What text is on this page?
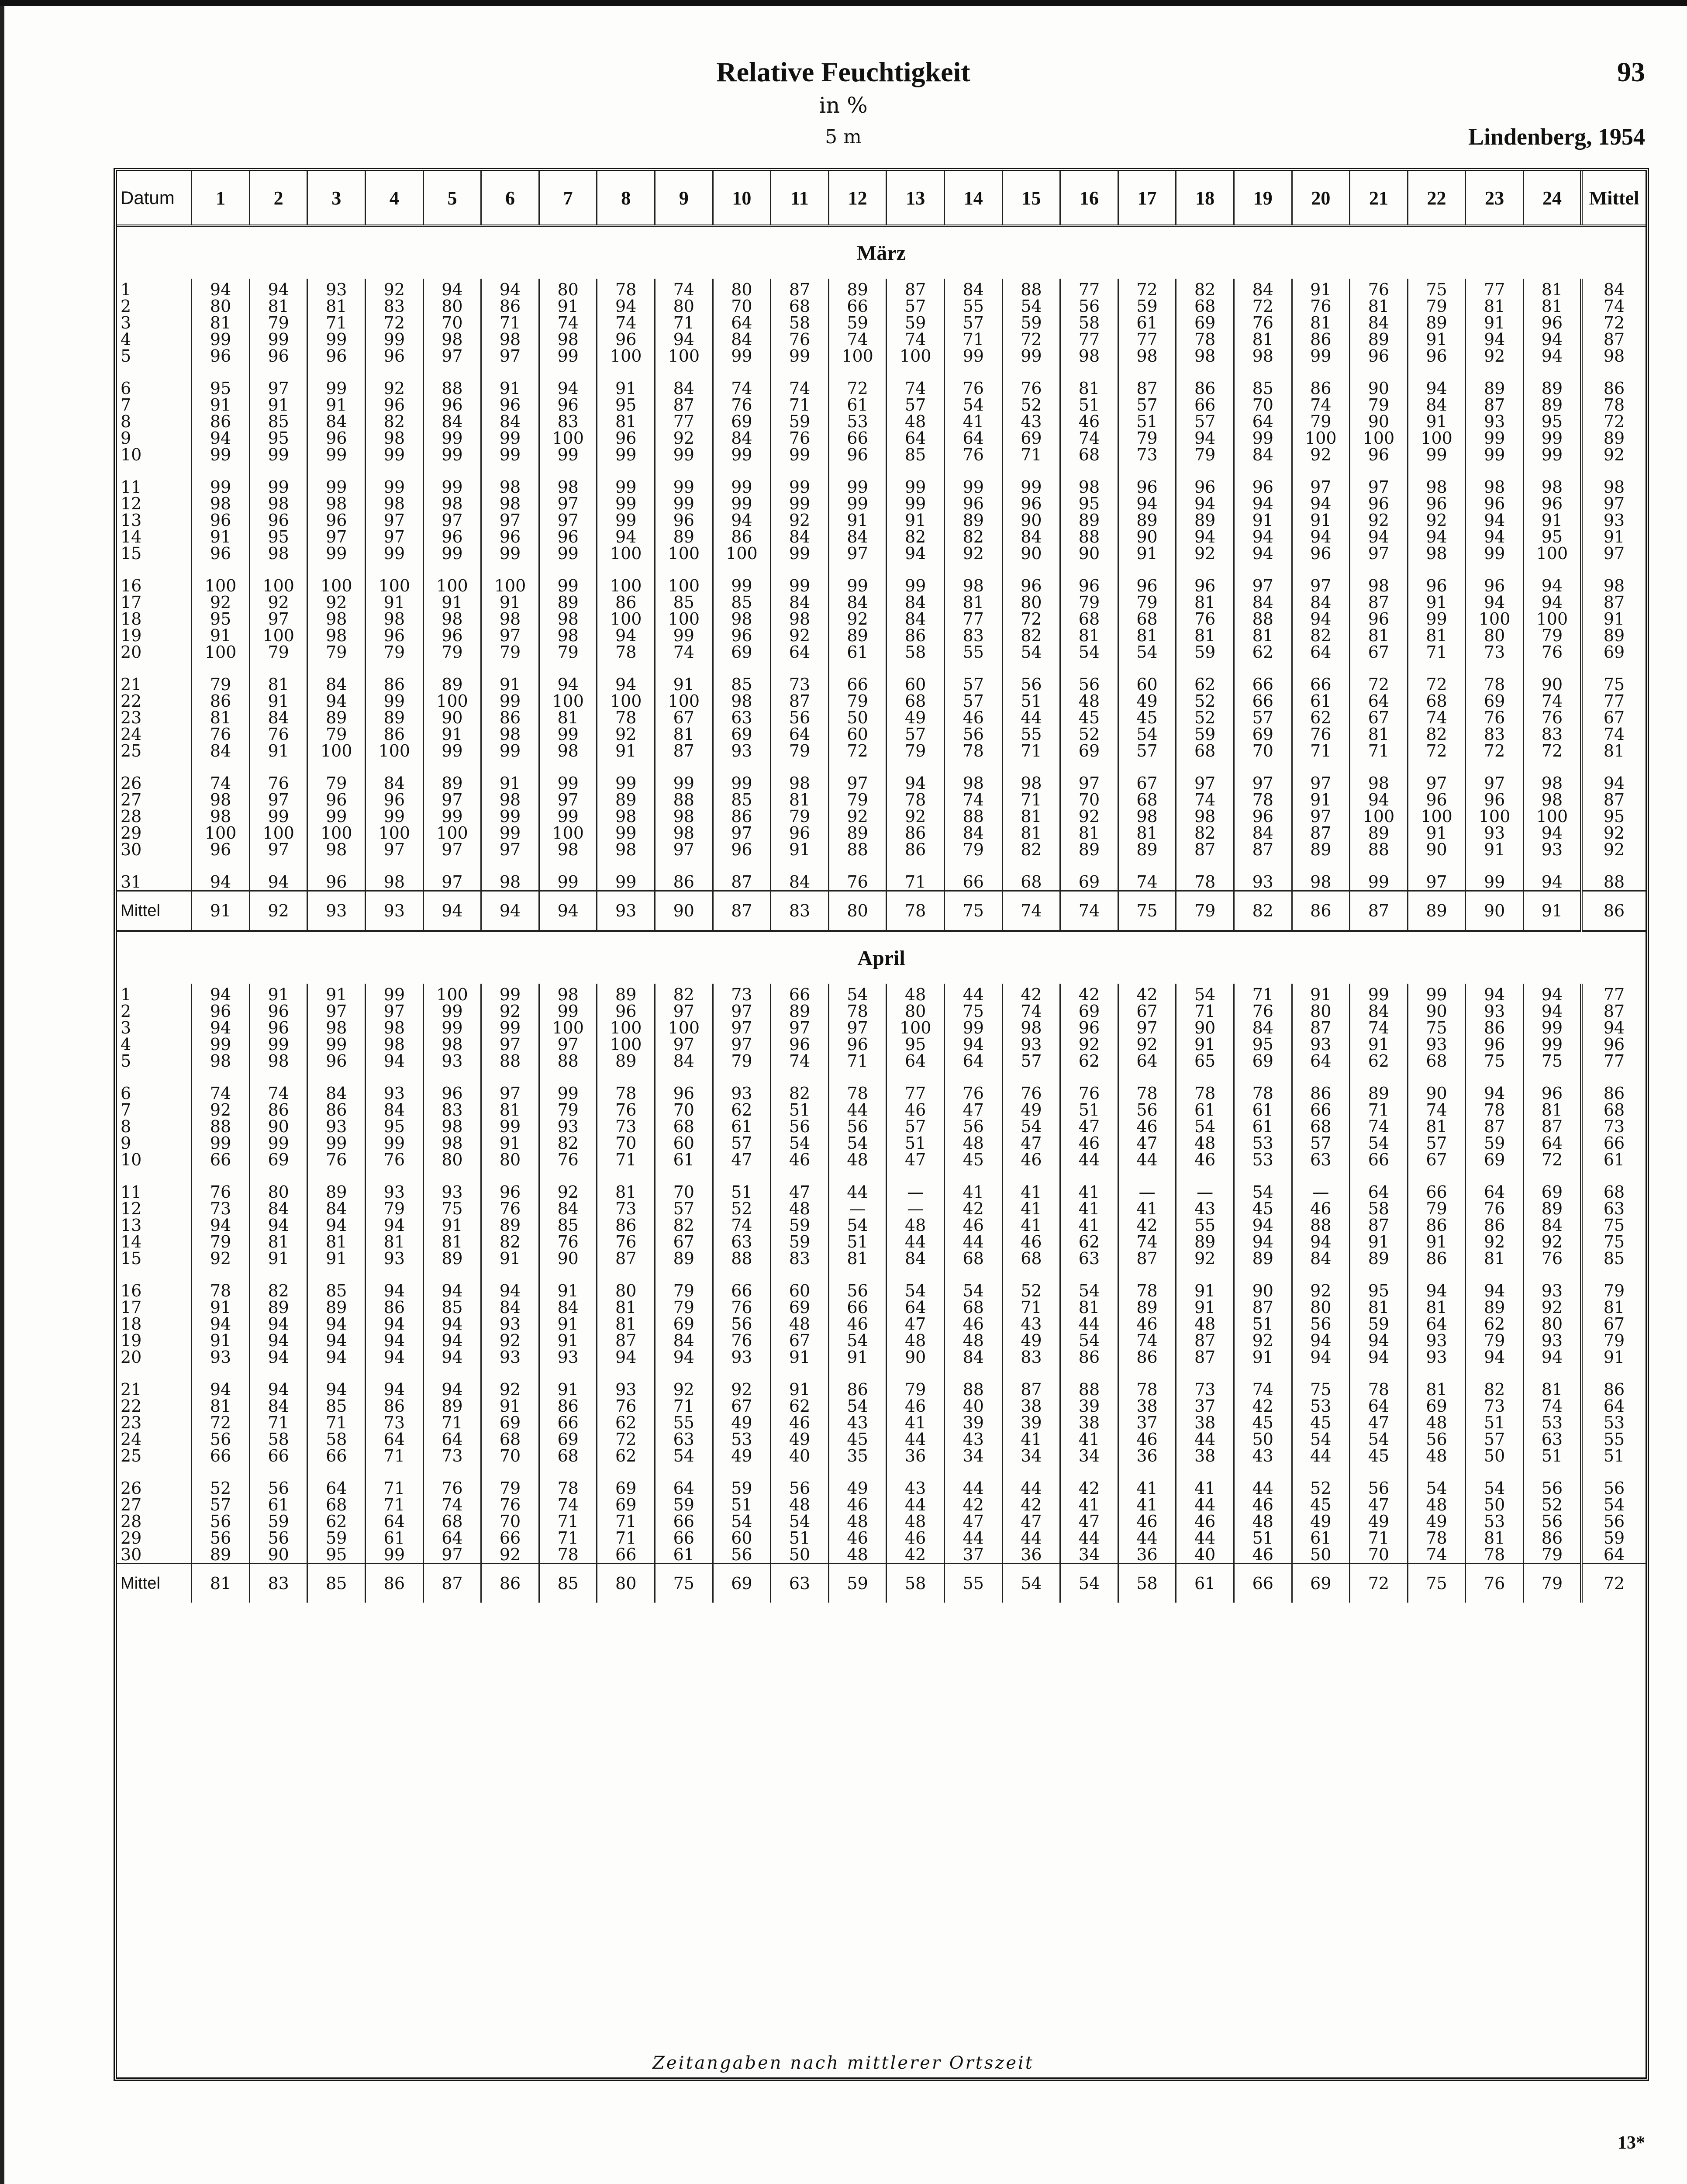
Relative Feuchtigkeit	93
in %
5 m	Lindenberg, 1954
Datum	1	2	3	4	5	6	7	8	9	10	11	12	13	14	15	16	17	18	19	20	21	22	23	24	Mittel
März																									
1	94	94	93	92	94	94	80	78	74	80	87	89	87	84	88	77	72	82	84	91	76	75	77	81	84
2	80	81	81	83	80	86	91	94	80	70	68	66	57	55	54	56	59	68	72	76	81	79	81	81	74
3	81	79	71	72	70	71	74	74	71	64	58	59	59	57	59	58	61	69	76	81	84	89	91	96	72
4	99	99	99	99	98	98	98	96	94	84	76	74	74	71	72	77	77	78	81	86	89	91	94	94	87
5	96	96	96	96	97	97	99	100	100	99	99	100	100	99	99	98	98	98	98	99	96	96	92	94	98

6	95	97	99	92	88	91	94	91	84	74	74	72	74	76	76	81	87	86	85	86	90	94	89	89	86
7	91	91	91	96	96	96	96	95	87	76	71	61	57	54	52	51	57	66	70	74	79	84	87	89	78
8	86	85	84	82	84	84	83	81	77	69	59	53	48	41	43	46	51	57	64	79	90	91	93	95	72
9	94	95	96	98	99	99	100	96	92	84	76	66	64	64	69	74	79	94	99	100	100	100	99	99	89
10	99	99	99	99	99	99	99	99	99	99	99	96	85	76	71	68	73	79	84	92	96	99	99	99	92

11	99	99	99	99	99	98	98	99	99	99	99	99	99	99	99	98	96	96	96	97	97	98	98	98	98
12	98	98	98	98	98	98	97	99	99	99	99	99	99	96	96	95	94	94	94	94	96	96	96	96	97
13	96	96	96	97	97	97	97	99	96	94	92	91	91	89	90	89	89	89	91	91	92	92	94	91	93
14	91	95	97	97	96	96	96	94	89	86	84	84	82	82	84	88	90	94	94	94	94	94	94	95	91
15	96	98	99	99	99	99	99	100	100	100	99	97	94	92	90	90	91	92	94	96	97	98	99	100	97

16	100	100	100	100	100	100	99	100	100	99	99	99	99	98	96	96	96	96	97	97	98	96	96	94	98
17	92	92	92	91	91	91	89	86	85	85	84	84	84	81	80	79	79	81	84	84	87	91	94	94	87
18	95	97	98	98	98	98	98	100	100	98	98	92	84	77	72	68	68	76	88	94	96	99	100	100	91
19	91	100	98	96	96	97	98	94	99	96	92	89	86	83	82	81	81	81	81	82	81	81	80	79	89
20	100	79	79	79	79	79	79	78	74	69	64	61	58	55	54	54	54	59	62	64	67	71	73	76	69

21	79	81	84	86	89	91	94	94	91	85	73	66	60	57	56	56	60	62	66	66	72	72	78	90	75
22	86	91	94	99	100	99	100	100	100	98	87	79	68	57	51	48	49	52	66	61	64	68	69	74	77
23	81	84	89	89	90	86	81	78	67	63	56	50	49	46	44	45	45	52	57	62	67	74	76	76	67
24	76	76	79	86	91	98	99	92	81	69	64	60	57	56	55	52	54	59	69	76	81	82	83	83	74
25	84	91	100	100	99	99	98	91	87	93	79	72	79	78	71	69	57	68	70	71	71	72	72	72	81

26	74	76	79	84	89	91	99	99	99	99	98	97	94	98	98	97	67	97	97	97	98	97	97	98	94
27	98	97	96	96	97	98	97	89	88	85	81	79	78	74	71	70	68	74	78	91	94	96	96	98	87
28	98	99	99	99	99	99	99	98	98	86	79	92	92	88	81	92	98	98	96	97	100	100	100	100	95
29	100	100	100	100	100	99	100	99	98	97	96	89	86	84	81	81	81	82	84	87	89	91	93	94	92
30	96	97	98	97	97	97	98	98	97	96	91	88	86	79	82	89	89	87	87	89	88	90	91	93	92

31	94	94	96	98	97	98	99	99	86	87	84	76	71	66	68	69	74	78	93	98	99	97	99	94	88
Mittel	91	92	93	93	94	94	94	93	90	87	83	80	78	75	74	74	75	79	82	86	87	89	90	91	86
April																									
1	94	91	91	99	100	99	98	89	82	73	66	54	48	44	42	42	42	54	71	91	99	99	94	94	77
2	96	96	97	97	99	92	99	96	97	97	89	78	80	75	74	69	67	71	76	80	84	90	93	94	87
3	94	96	98	98	99	99	100	100	100	97	97	97	100	99	98	96	97	90	84	87	74	75	86	99	94
4	99	99	99	98	98	97	97	100	97	97	96	96	95	94	93	92	92	91	95	93	91	93	96	99	96
5	98	98	96	94	93	88	88	89	84	79	74	71	64	64	57	62	64	65	69	64	62	68	75	75	77

6	74	74	84	93	96	97	99	78	96	93	82	78	77	76	76	76	78	78	78	86	89	90	94	96	86
7	92	86	86	84	83	81	79	76	70	62	51	44	46	47	49	51	56	61	61	66	71	74	78	81	68
8	88	90	93	95	98	99	93	73	68	61	56	56	57	56	54	47	46	54	61	68	74	81	87	87	73
9	99	99	99	99	98	91	82	70	60	57	54	54	51	48	47	46	47	48	53	57	54	57	59	64	66
10	66	69	76	76	80	80	76	71	61	47	46	48	47	45	46	44	44	46	53	63	66	67	69	72	61

11	76	80	89	93	93	96	92	81	70	51	47	44	—	41	41	41	—	—	54	—	64	66	64	69	68
12	73	84	84	79	75	76	84	73	57	52	48	—	—	42	41	41	41	43	45	46	58	79	76	89	63
13	94	94	94	94	91	89	85	86	82	74	59	54	48	46	41	41	42	55	94	88	87	86	86	84	75
14	79	81	81	81	81	82	76	76	67	63	59	51	44	44	46	62	74	89	94	94	91	91	92	92	75
15	92	91	91	93	89	91	90	87	89	88	83	81	84	68	68	63	87	92	89	84	89	86	81	76	85

16	78	82	85	94	94	94	91	80	79	66	60	56	54	54	52	54	78	91	90	92	95	94	94	93	79
17	91	89	89	86	85	84	84	81	79	76	69	66	64	68	71	81	89	91	87	80	81	81	89	92	81
18	94	94	94	94	94	93	91	81	69	56	48	46	47	46	43	44	46	48	51	56	59	64	62	80	67
19	91	94	94	94	94	92	91	87	84	76	67	54	48	48	49	54	74	87	92	94	94	93	79	93	79
20	93	94	94	94	94	93	93	94	94	93	91	91	90	84	83	86	86	87	91	94	94	93	94	94	91

21	94	94	94	94	94	92	91	93	92	92	91	86	79	88	87	88	78	73	74	75	78	81	82	81	86
22	81	84	85	86	89	91	86	76	71	67	62	54	46	40	38	39	38	37	42	53	64	69	73	74	64
23	72	71	71	73	71	69	66	62	55	49	46	43	41	39	39	38	37	38	45	45	47	48	51	53	53
24	56	58	58	64	64	68	69	72	63	53	49	45	44	43	41	41	46	44	50	54	54	56	57	63	55
25	66	66	66	71	73	70	68	62	54	49	40	35	36	34	34	34	36	38	43	44	45	48	50	51	51

26	52	56	64	71	76	79	78	69	64	59	56	49	43	44	44	42	41	41	44	52	56	54	54	56	56
27	57	61	68	71	74	76	74	69	59	51	48	46	44	42	42	41	41	44	46	45	47	48	50	52	54
28	56	59	62	64	68	70	71	71	66	54	54	48	48	47	47	47	46	46	48	49	49	49	53	56	56
29	56	56	59	61	64	66	71	71	66	60	51	46	46	44	44	44	44	44	51	61	71	78	81	86	59
30	89	90	95	99	97	92	78	66	61	56	50	48	42	37	36	34	36	40	46	50	70	74	78	79	64
Mittel	81	83	85	86	87	86	85	80	75	69	63	59	58	55	54	54	58	61	66	69	72	75	76	79	72
Zeitangaben nach mittlerer Ortszeit
13*
